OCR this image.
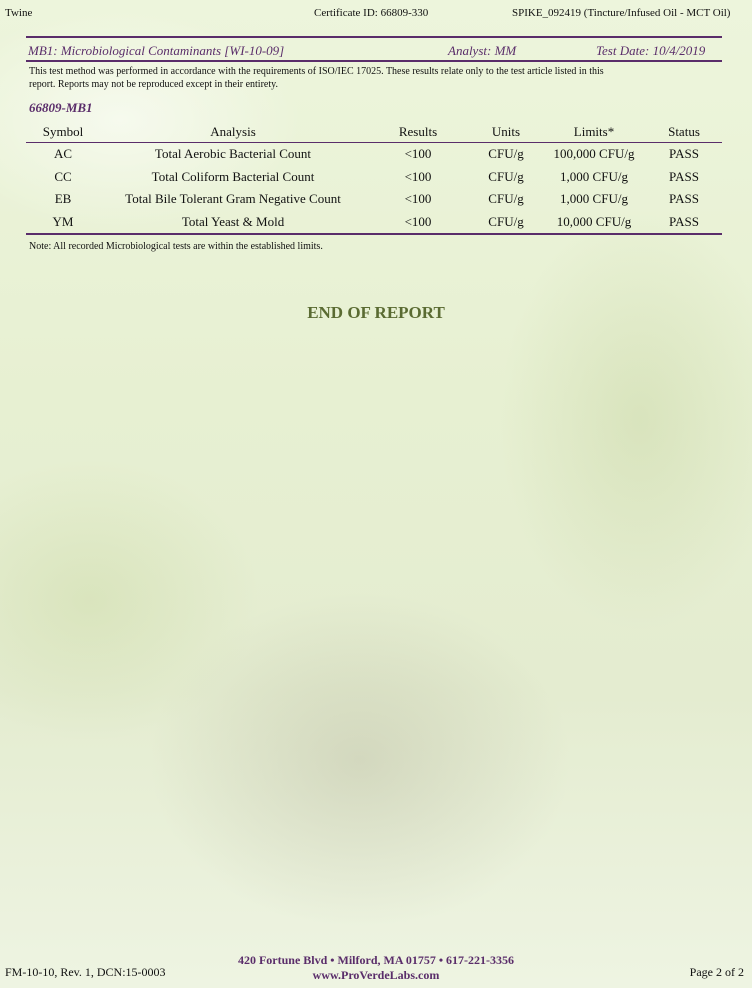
Twine	Certificate ID: 66809-330	SPIKE_092419 (Tincture/Infused Oil - MCT Oil)
MB1: Microbiological Contaminants [WI-10-09]	Analyst: MM	Test Date: 10/4/2019
This test method was performed in accordance with the requirements of ISO/IEC 17025. These results relate only to the test article listed in this
report. Reports may not be reproduced except in their entirety.
66809-MB1
Symbol	Analysis	Results	Units	Limits*	Status
AC	Total Aerobic Bacterial Count	<100	CFU/g	100,000 CFU/g	PASS
CC	Total Coliform Bacterial Count	<100	CFU/g	1,000 CFU/g	PASS
EB	Total Bile Tolerant Gram Negative Count	<100	CFU/g	1,000 CFU/g	PASS
YM	Total Yeast & Mold	<100	CFU/g	10,000 CFU/g	PASS
Note: All recorded Microbiological tests are within the established limits.
END OF REPORT
420 Fortune Blvd • Milford, MA 01757 • 617-221-3356
www.ProVerdeLabs.com
FM-10-10, Rev. 1, DCN:15-0003	Page 2 of 2
